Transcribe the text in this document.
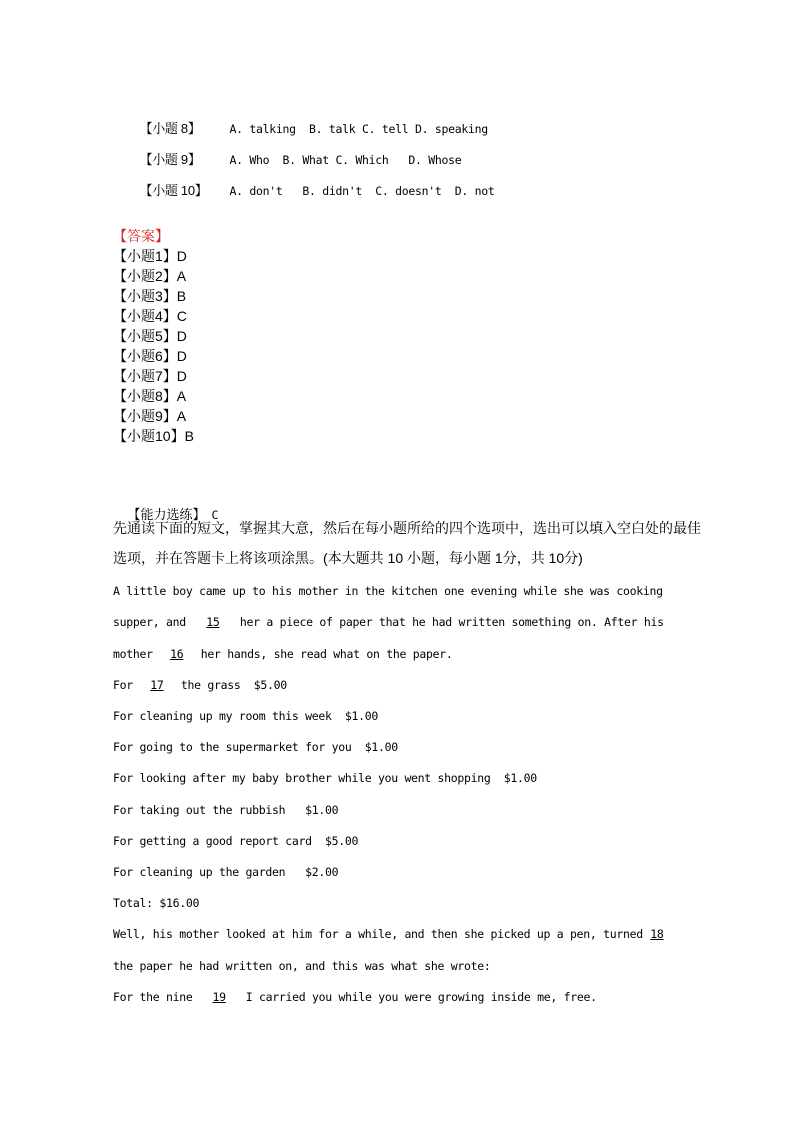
【小题 8】	A. talking  B. talk C. tell D. speaking

【小题 9】	A. Who  B. What C. Which   D. Whose

【小题 10】 A. don't   B. didn't  C. doesn't  D. not

【答案】
【小题1】D
【小题2】A
【小题3】B
【小题4】C
【小题5】D
【小题6】D
【小题7】D
【小题8】A
【小题9】A
【小题10】B

【能力选练】 C

先通读下面的短文，掌握其大意，然后在每小题所给的四个选项中，选出可以填入空白处的最佳选项，并在答题卡上将该项涂黑。(本大题共 10 小题，每小题 1分，共 10分)
A little boy came up to his mother in the kitchen one evening while she was cooking
supper, and 15 her a piece of paper that he had written something on. After his
mother 16 her hands, she read what on the paper.
For 17 the grass  $5.00
For cleaning up my room this week  $1.00
For going to the supermarket for you  $1.00
For looking after my baby brother while you went shopping  $1.00
For taking out the rubbish   $1.00
For getting a good report card  $5.00
For cleaning up the garden   $2.00
Total: $16.00
Well, his mother looked at him for a while, and then she picked up a pen, turned 18
the paper he had written on, and this was what she wrote:
For the nine 19 I carried you while you were growing inside me, free.
